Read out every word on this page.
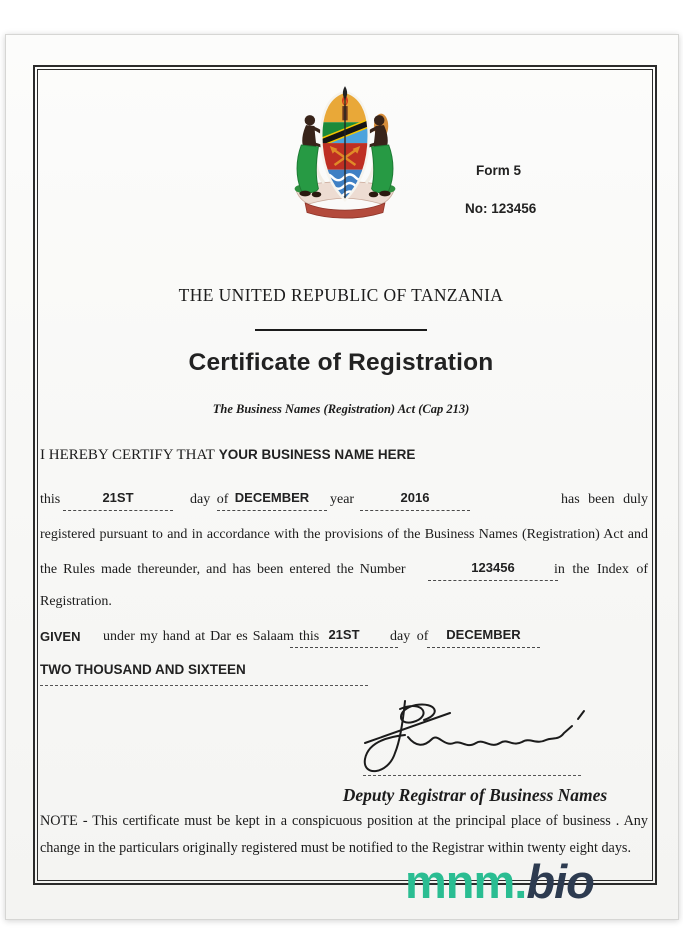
Form 5
No: 123456
THE UNITED REPUBLIC OF TANZANIA
Certificate of Registration
The Business Names (Registration) Act (Cap 213)
I HEREBY CERTIFY THAT YOUR BUSINESS NAME HERE
this	21ST	day of DECEMBER	year	2016	has been duly
registered pursuant to and in accordance with the provisions of the Business Names (Registration) Act and
the Rules made thereunder, and has been entered the Number	123456	in the Index of
Registration.
GIVEN under my hand at Dar es Salaam this 21ST	day of	DECEMBER
TWO THOUSAND AND SIXTEEN
Deputy Registrar of Business Names
NOTE - This certificate must be kept in a conspicuous position at the principal place of business . Any change in the particulars originally registered must be notified to the Registrar within twenty eight days.
mnm.bio
